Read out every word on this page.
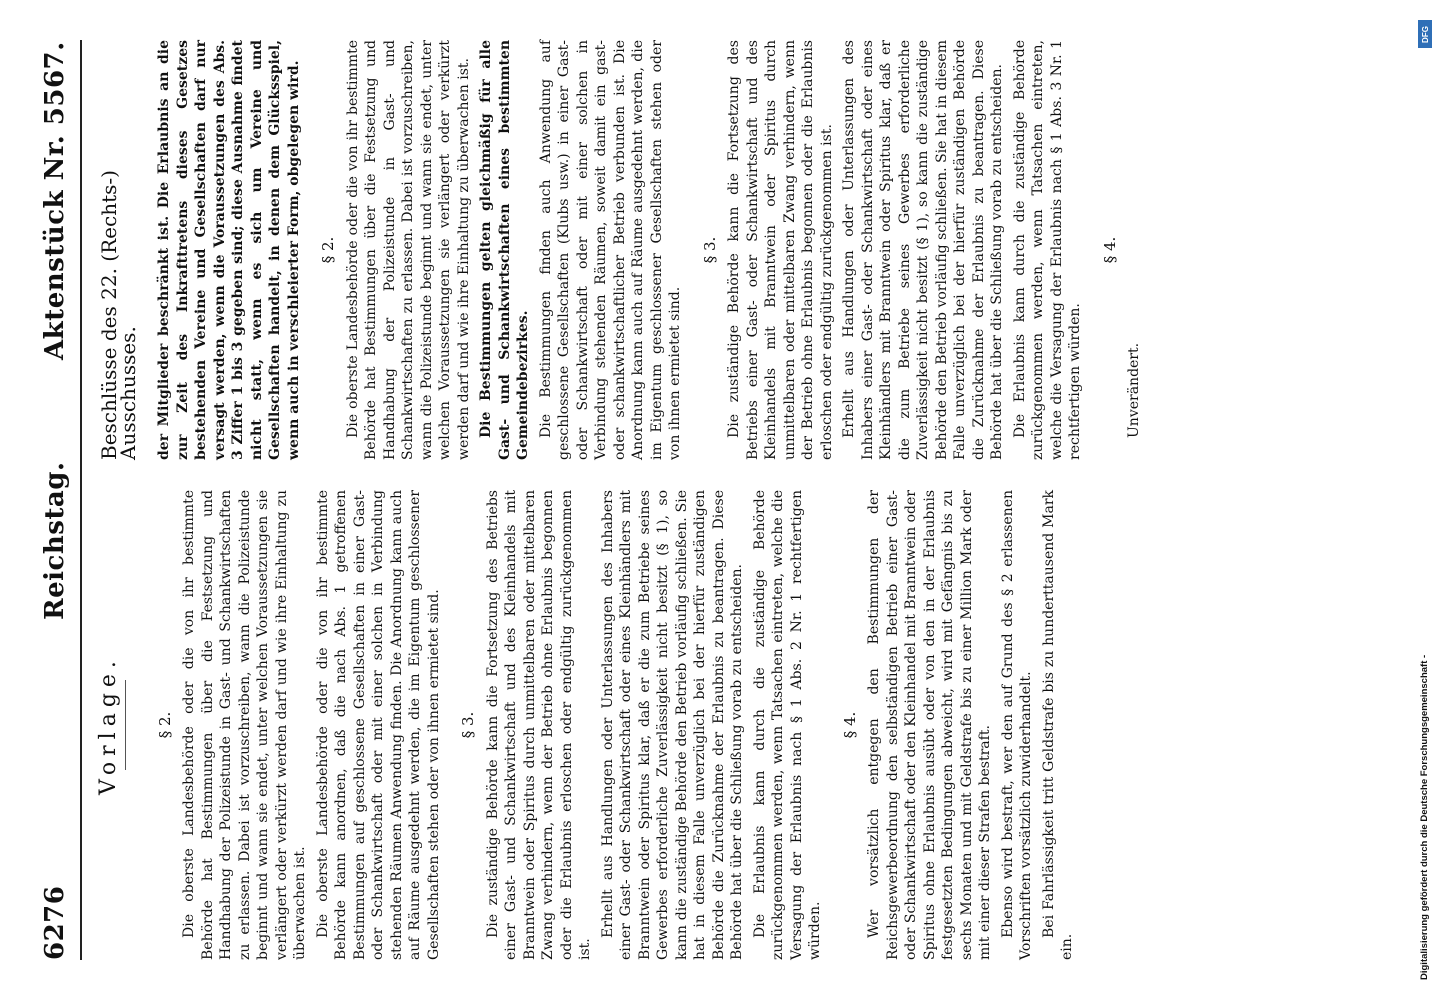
6276
Reichstag.
Aktenstück Nr. 5567.
Vorlage. § 2. Die oberste Landesbehörde oder die von ihr bestimmte Behörde hat Bestimmungen über die Festsetzung und Handhabung der Polizeistunde in Gast- und Schankwirtschaften zu erlassen. Dabei ist vorzuschreiben, wann die Polizeistunde beginnt und wann sie endet, unter welchen Voraussetzungen sie verlängert oder verkürzt werden darf und wie ihre Einhaltung zu überwachen ist. Die oberste Landesbehörde oder die von ihr bestimmte Behörde kann anordnen, daß die nach Abs. 1 getroffenen Bestimmungen auf geschlossene Gesellschaften in einer Gast- oder Schankwirtschaft oder mit einer solchen in Verbindung stehenden Räumen Anwendung finden. Die Anordnung kann auch auf Räume ausgedehnt werden, die im Eigentum geschlossener Gesellschaften stehen oder von ihnen ermietet sind. § 3. Die zuständige Behörde kann die Fortsetzung des Betriebs einer Gast- und Schankwirtschaft und des Kleinhandels mit Branntwein oder Spiritus durch unmittelbaren oder mittelbaren Zwang verhindern, wenn der Betrieb ohne Erlaubnis begonnen oder die Erlaubnis erloschen oder endgültig zurückgenommen ist.

Erhellt aus Handlungen oder Unterlassungen des Inhabers einer Gast- oder Schankwirtschaft oder eines Kleinhändlers mit Branntwein oder Spiritus klar, daß er die zum Betriebe seines Gewerbes erforderliche Zuverlässigkeit nicht besitzt (§ 1), so kann die zuständige Behörde den Betrieb vorläufig schließen. Sie hat in diesem Falle unverzüglich bei der hierfür zuständigen Behörde die Zurücknahme der Erlaubnis zu beantragen. Diese Behörde hat über die Schließung vorab zu entscheiden. Die Erlaubnis kann durch die zuständige Behörde zurückgenommen werden, wenn Tatsachen eintreten, welche die Versagung der Erlaubnis nach § 1 Abs. 2 Nr. 1 rechtfertigen würden.

§ 4. Wer vorsätzlich entgegen den Bestimmungen der Reichsgewerbeordnung den selbständigen Betrieb einer Gast- oder Schankwirtschaft oder den Kleinhandel mit Branntwein oder Spiritus ohne Erlaubnis ausübt oder von den in der Erlaubnis festgesetzten Bedingungen abweicht, wird mit Gefängnis bis zu sechs Monaten und mit Geldstrafe bis zu einer Million Mark oder mit einer dieser Strafen bestraft. Ebenso wird bestraft, wer den auf Grund des § 2 erlassenen Vorschriften vorsätzlich zuwiderhandelt. Bei Fahrlässigkeit tritt Geldstrafe bis zu hunderttausend Mark ein.

Beschlüsse des 22. (Rechts-) Ausschusses. der Mitglieder beschränkt ist. Die Erlaubnis an die zur Zeit des Inkrafttretens dieses Gesetzes bestehenden Vereine und Gesellschaften darf nur versagt werden, wenn die Voraussetzungen des Abs. 3 Ziffer 1 bis 3 gegeben sind; diese Ausnahme findet nicht statt, wenn es sich um Vereine und Gesellschaften handelt, in denen dem Glücksspiel, wenn auch in verschleierter Form, obgelegen wird. § 2. Die oberste Landesbehörde oder die von ihr bestimmte Behörde hat Bestimmungen über die Festsetzung und Handhabung der Polizeistunde in Gast- und Schankwirtschaften zu erlassen. Dabei ist vorzuschreiben, wann die Polizeistunde beginnt und wann sie endet, unter welchen Voraussetzungen sie verlängert oder verkürzt werden darf und wie ihre Einhaltung zu überwachen ist. Die Bestimmungen gelten gleichmäßig für alle Gast- und Schankwirtschaften eines bestimmten Gemeindebezirkes. Die Bestimmungen finden auch Anwendung auf geschlossene Gesellschaften (Klubs usw.) in einer Gast- oder Schankwirtschaft oder mit einer solchen in Verbindung stehenden Räumen, soweit damit ein gast- oder schankwirtschaftlicher Betrieb verbunden ist. Die Anordnung kann auch auf Räume ausgedehnt werden, die im Eigentum geschlossener Gesellschaften stehen oder von ihnen ermietet sind.

§ 3. Die zuständige Behörde kann die Fortsetzung des Betriebs einer Gast- oder Schankwirtschaft und des Kleinhandels mit Branntwein oder Spiritus durch unmittelbaren oder mittelbaren Zwang verhindern, wenn der Betrieb ohne Erlaubnis begonnen oder die Erlaubnis erloschen oder endgültig zurückgenommen ist. Erhellt aus Handlungen oder Unterlassungen des Inhabers einer Gast- oder Schankwirtschaft oder eines Kleinhändlers mit Branntwein oder Spiritus klar, daß er die zum Betriebe seines Gewerbes erforderliche Zuverlässigkeit nicht besitzt (§ 1), so kann die zuständige Behörde den Betrieb vorläufig schließen. Sie hat in diesem Falle unverzüglich bei der hierfür zuständigen Behörde die Zurücknahme der Erlaubnis zu beantragen. Diese Behörde hat über die Schließung vorab zu entscheiden. Die Erlaubnis kann durch die zuständige Behörde zurückgenommen werden, wenn Tatsachen eintreten, welche die Versagung der Erlaubnis nach § 1 Abs. 3 Nr. 1 rechtfertigen würden.

§ 4.

Unverändert.

DFG
Digitalisierung gefördert durch die Deutsche Forschungsgemeinschaft -
